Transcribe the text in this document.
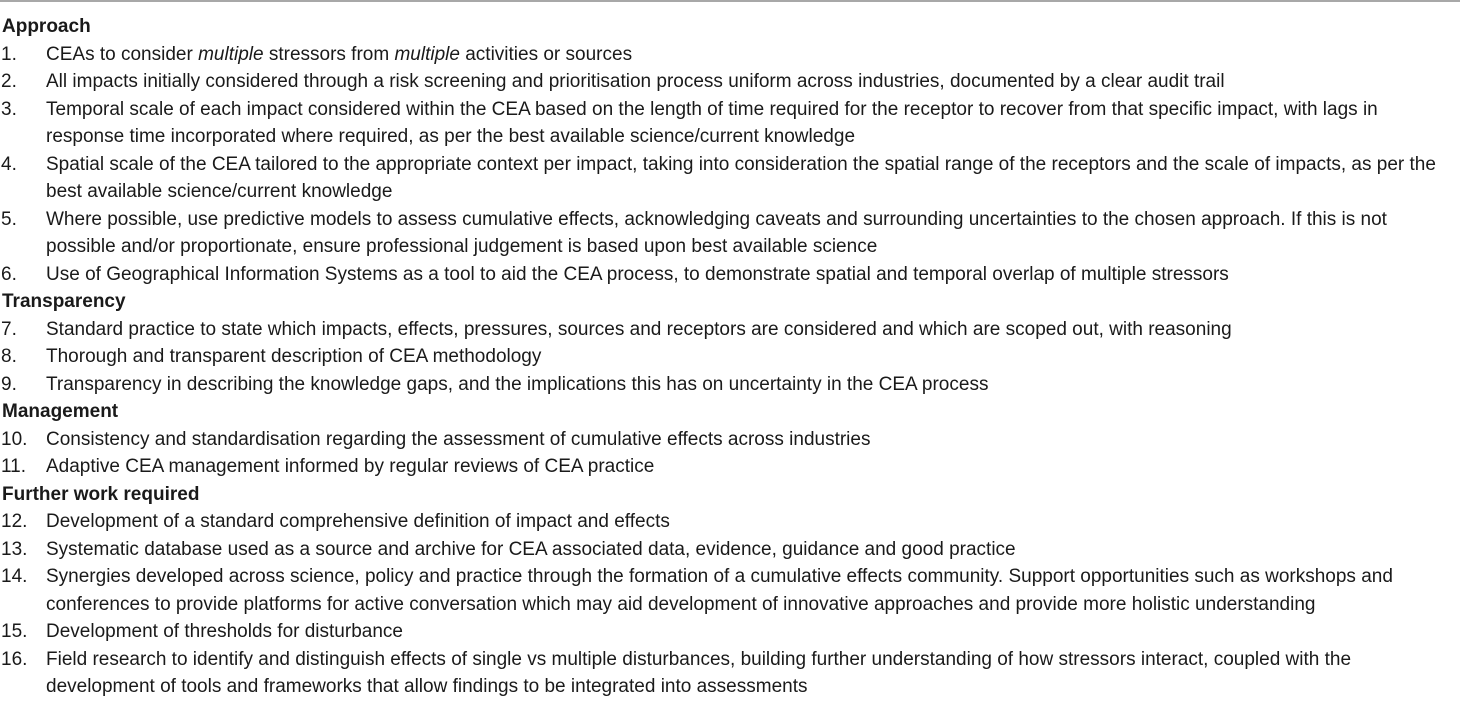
Approach
1.	CEAs to consider multiple stressors from multiple activities or sources
2.	All impacts initially considered through a risk screening and prioritisation process uniform across industries, documented by a clear audit trail
3.	Temporal scale of each impact considered within the CEA based on the length of time required for the receptor to recover from that specific impact, with lags in response time incorporated where required, as per the best available science/current knowledge
4.	Spatial scale of the CEA tailored to the appropriate context per impact, taking into consideration the spatial range of the receptors and the scale of impacts, as per the best available science/current knowledge
5.	Where possible, use predictive models to assess cumulative effects, acknowledging caveats and surrounding uncertainties to the chosen approach. If this is not possible and/or proportionate, ensure professional judgement is based upon best available science
6.	Use of Geographical Information Systems as a tool to aid the CEA process, to demonstrate spatial and temporal overlap of multiple stressors
Transparency
7.	Standard practice to state which impacts, effects, pressures, sources and receptors are considered and which are scoped out, with reasoning
8.	Thorough and transparent description of CEA methodology
9.	Transparency in describing the knowledge gaps, and the implications this has on uncertainty in the CEA process
Management
10. Consistency and standardisation regarding the assessment of cumulative effects across industries
11.	Adaptive CEA management informed by regular reviews of CEA practice
Further work required
12. Development of a standard comprehensive definition of impact and effects
13. Systematic database used as a source and archive for CEA associated data, evidence, guidance and good practice
14. Synergies developed across science, policy and practice through the formation of a cumulative effects community. Support opportunities such as workshops and conferences to provide platforms for active conversation which may aid development of innovative approaches and provide more holistic understanding
15. Development of thresholds for disturbance
16. Field research to identify and distinguish effects of single vs multiple disturbances, building further understanding of how stressors interact, coupled with the development of tools and frameworks that allow findings to be integrated into assessments
